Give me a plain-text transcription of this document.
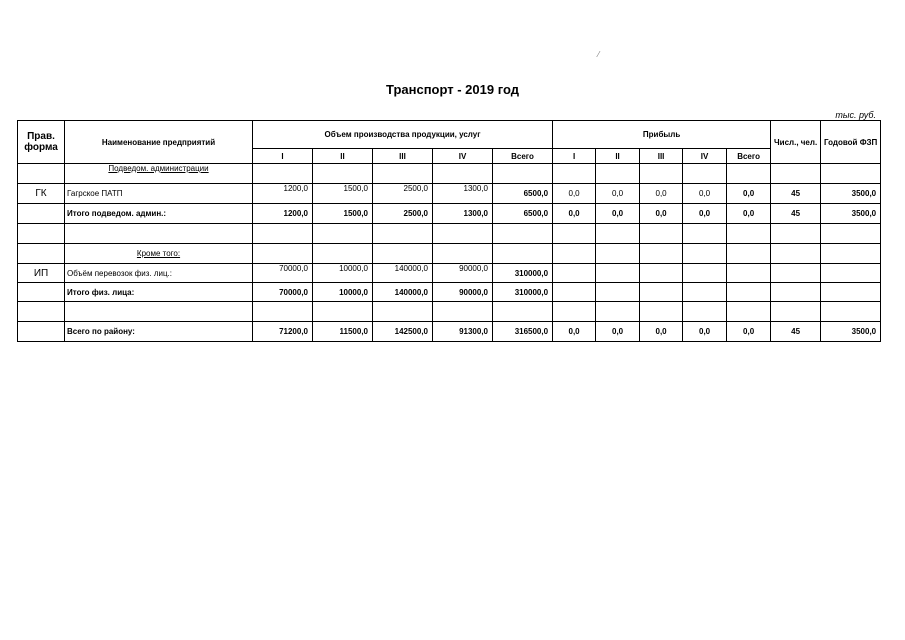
⁄
Транспорт - 2019 год
тыс. руб.
Прав. форма	Наименование предприятий	Объем производства продукции, услуг					Прибыль					Числ., чел.	Годовой ФЗП
		I	II	III	IV	Всего	I	II	III	IV	Всего		
	Подведом. администрации												
ГК	Гагрское ПАТП	1200,0	1500,0	2500,0	1300,0	6500,0	0,0	0,0	0,0	0,0	0,0	45	3500,0
	Итого подведом. админ.:	1200,0	1500,0	2500,0	1300,0	6500,0	0,0	0,0	0,0	0,0	0,0	45	3500,0

	Кроме того:												
ИП	Объём перевозок физ. лиц.:	70000,0	10000,0	140000,0	90000,0	310000,0							
	Итого физ. лица:	70000,0	10000,0	140000,0	90000,0	310000,0							

	Всего по району:	71200,0	11500,0	142500,0	91300,0	316500,0	0,0	0,0	0,0	0,0	0,0	45	3500,0
